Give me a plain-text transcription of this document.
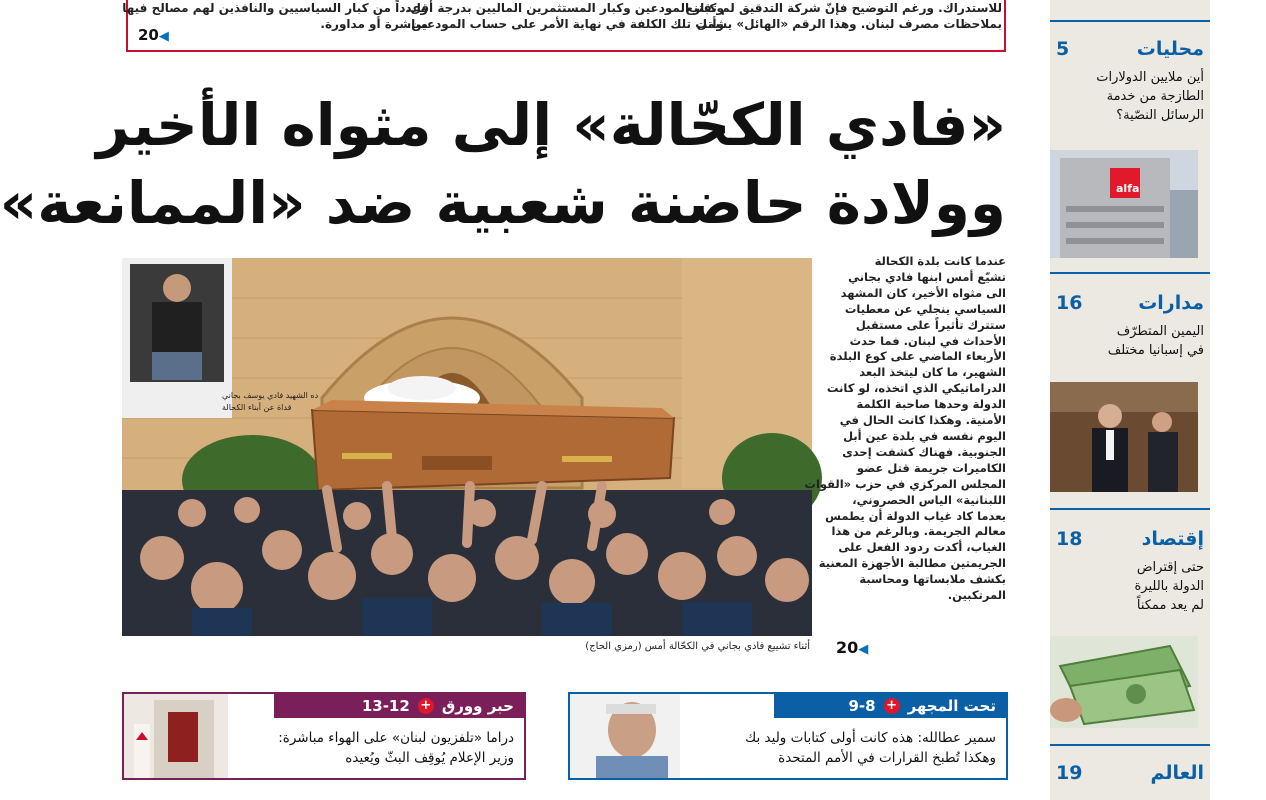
للاستدراك. ورغم التوضيح فإنّ شركة التدقيق لم تقتنع
بملاحظات مصرف لبنان. وهذا الرقم «الهائل» يشمل
وكبار المودعين وكبار المستثمرين الماليين بدرجة أقل.
وأتت تلك الكلفة في نهاية الأمر على حساب المودعين.
وعدداً من كبار السياسيين والنافذين لهم مصالح فيها
مباشرة أو مداورة.
20◀
«فادي الكحّالة» إلى مثواه الأخير
وولادة حاضنة شعبية ضد «الممانعة»
ده الشهيد فادي يوسف بجاني
قداة عن أبناء الكحالة
أثناء تشييع فادي بجاني في الكحّالة أمس (رمزي الحاج)
عندما كانت بلدة الكحالة
تشيّع أمس ابنها فادي بجاني
الى مثواه الأخير، كان المشهد
السياسي ينجلي عن معطيات
ستترك تأثيراً على مستقبل
الأحداث في لبنان. فما حدث
الأربعاء الماضي على كوع البلدة
الشهير، ما كان ليتخذ البعد
الدراماتيكي الذي اتخذه، لو كانت
الدولة وحدها صاحبة الكلمة
الأمنية. وهكذا كانت الحال في
اليوم نفسه في بلدة عين أبل
الجنوبية. فهناك كشفت إحدى
الكاميرات جريمة قتل عضو
المجلس المركزي في حزب «القوات
اللبنانية» الياس الحصروني،
بعدما كاد غياب الدولة أن يطمس
معالم الجريمة. وبالرغم من هذا
الغياب، أكدت ردود الفعل على
الجريمتين مطالبة الأجهزة المعنية
بكشف ملابساتها ومحاسبة
المرتكبين.
20◀
حبر وورق
+
13-12
دراما «تلفزيون لبنان» على الهواء مباشرة:
وزير الإعلام يُوقِف البثّ ويُعيده
تحت المجهر
+
9-8
سمير عطالله: هذه كانت أولى كتابات وليد بك
وهكذا تُطبخ القرارات في الأمم المتحدة
محليات
5
أين ملايين الدولارات
الطازجة من خدمة
الرسائل النصّية؟
alfa
مدارات
16
اليمين المتطرّف
في إسبانيا مختلف
إقتصاد
18
حتى إقتراض
الدولة بالليرة
لم يعد ممكناً
العالم
19
